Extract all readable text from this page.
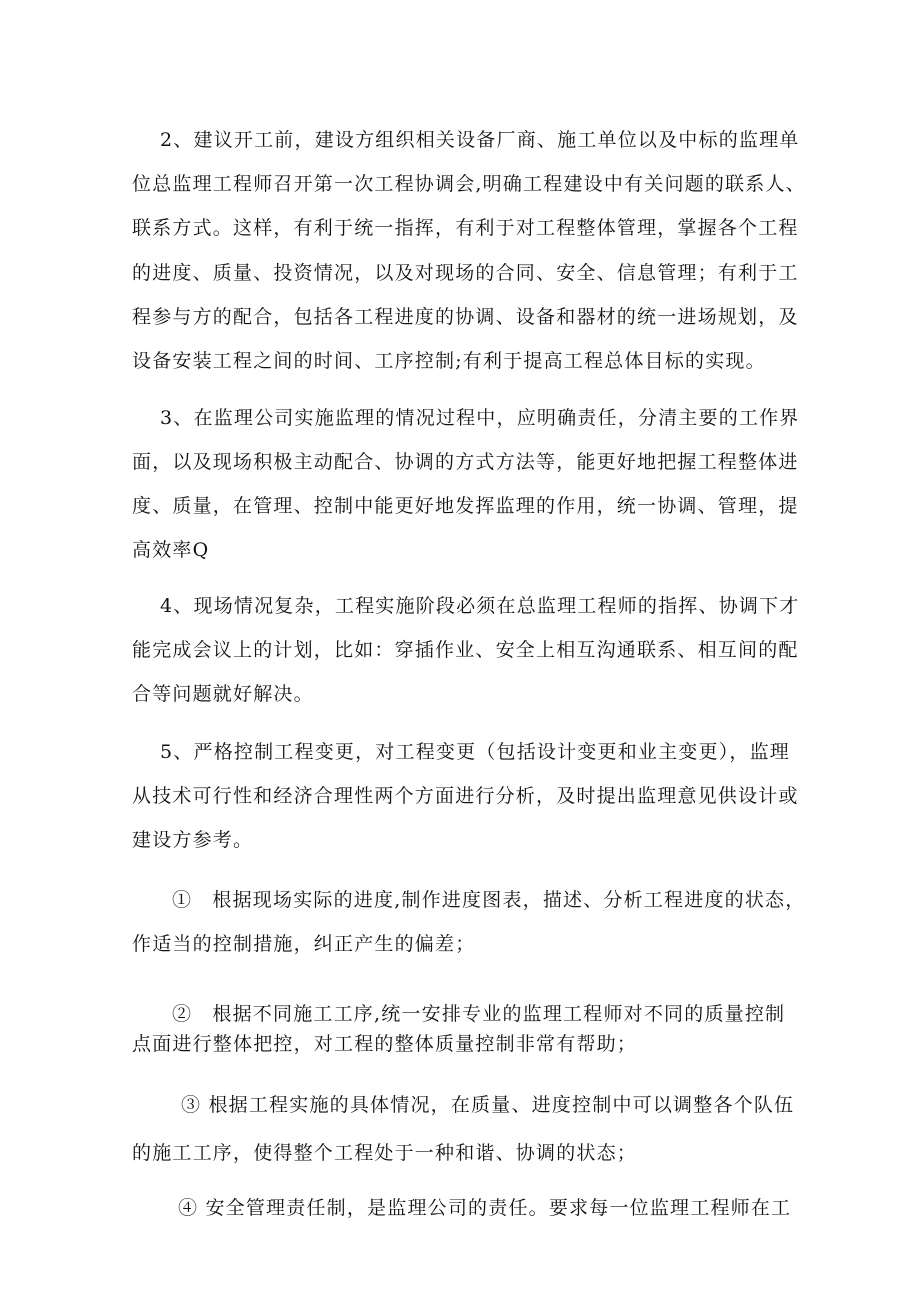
2、建议开工前，建设方组织相关设备厂商、施工单位以及中标的监理单
位总监理工程师召开第一次工程协调会,明确工程建设中有关问题的联系人、
联系方式。这样，有利于统一指挥，有利于对工程整体管理，掌握各个工程
的进度、质量、投资情况，以及对现场的合同、安全、信息管理；有利于工
程参与方的配合，包括各工程进度的协调、设备和器材的统一进场规划，及
设备安装工程之间的时间、工序控制;有利于提高工程总体目标的实现。
3、在监理公司实施监理的情况过程中，应明确责任，分清主要的工作界
面，以及现场积极主动配合、协调的方式方法等，能更好地把握工程整体进
度、质量，在管理、控制中能更好地发挥监理的作用，统一协调、管理，提
高效率Q
4、现场情况复杂，工程实施阶段必须在总监理工程师的指挥、协调下才
能完成会议上的计划，比如：穿插作业、安全上相互沟通联系、相互间的配
合等问题就好解决。
5、严格控制工程变更，对工程变更（包括设计变更和业主变更），监理
从技术可行性和经济合理性两个方面进行分析，及时提出监理意见供设计或
建设方参考。
①　根据现场实际的进度,制作进度图表，描述、分析工程进度的状态，
作适当的控制措施，纠正产生的偏差；
②　根据不同施工工序,统一安排专业的监理工程师对不同的质量控制
点面进行整体把控，对工程的整体质量控制非常有帮助；
③ 根据工程实施的具体情况，在质量、进度控制中可以调整各个队伍
的施工工序，使得整个工程处于一种和谐、协调的状态；
④ 安全管理责任制，是监理公司的责任。要求每一位监理工程师在工
